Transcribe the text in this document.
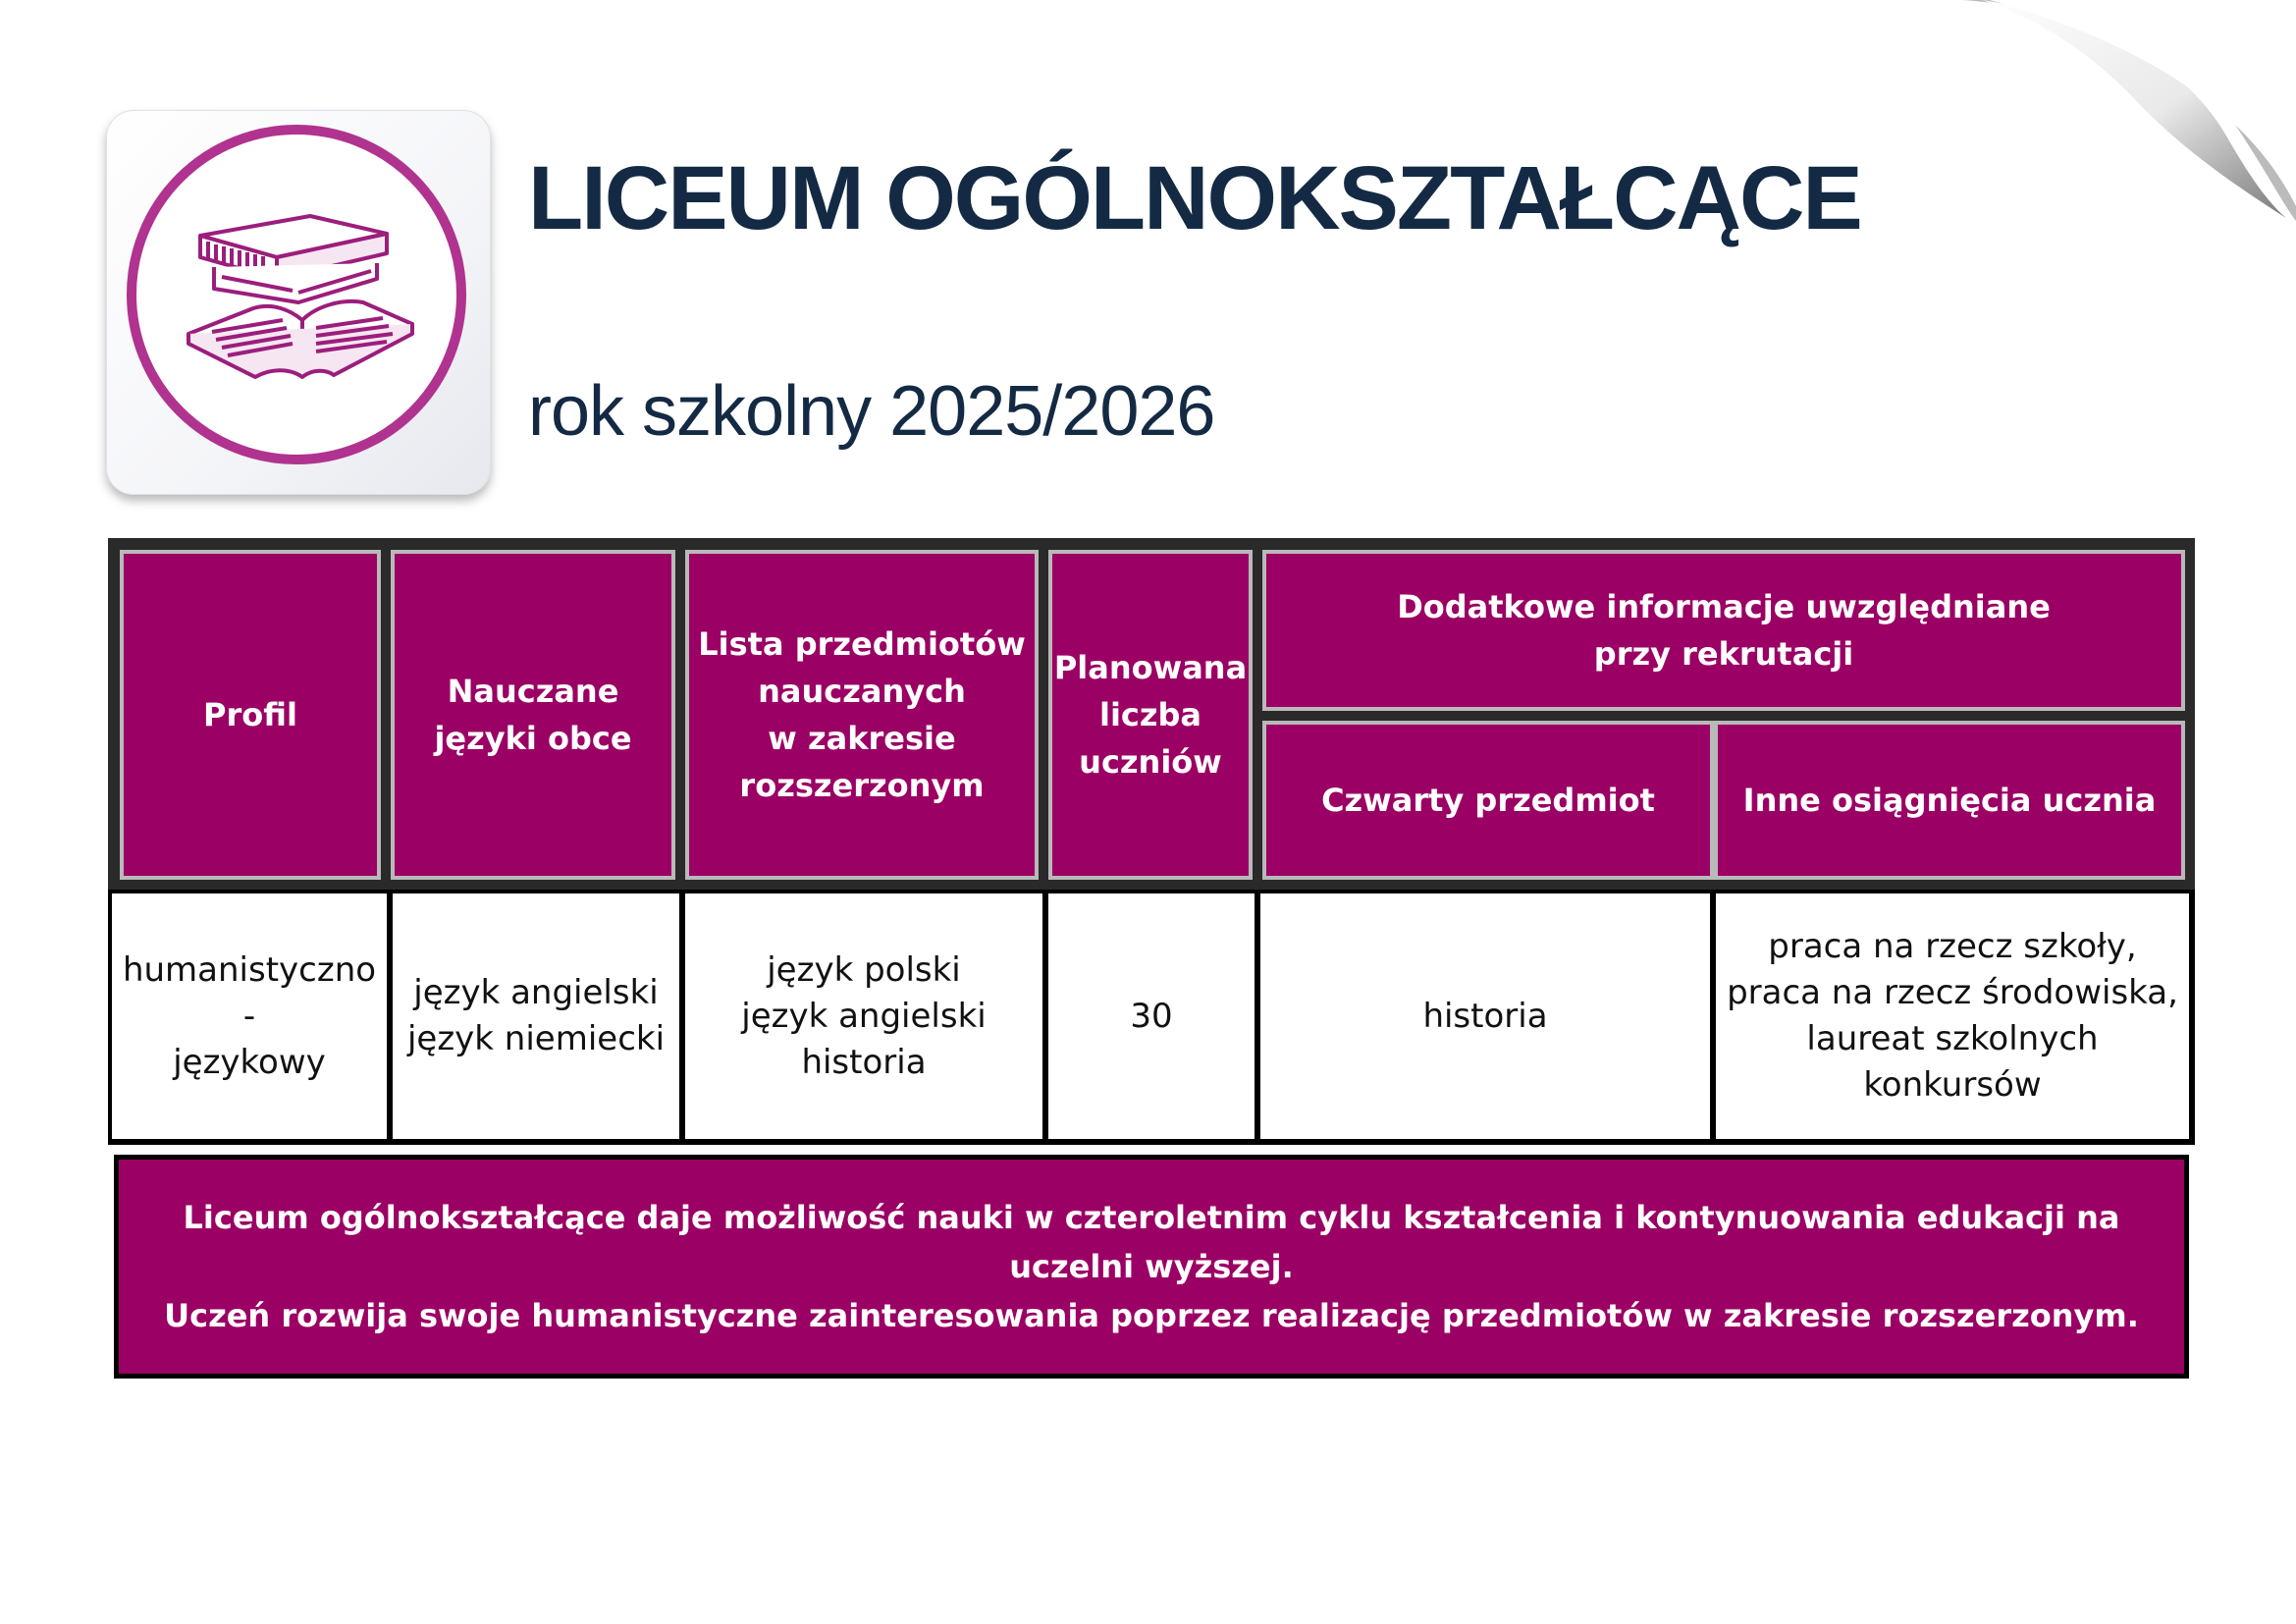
LICEUM OGÓLNOKSZTAŁCĄCE
rok szkolny 2025/2026
Profil
Nauczane
języki obce
Lista przedmiotów
nauczanych
w zakresie
rozszerzonym
Planowana
liczba
uczniów
Dodatkowe informacje uwzględniane
przy rekrutacji
Czwarty przedmiot	Inne osiągnięcia ucznia
humanistyczno -
językowy
język angielski
język niemiecki
język polski
język angielski
historia
30	historia
praca na rzecz szkoły,
praca na rzecz środowiska,
laureat szkolnych konkursów
Liceum ogólnokształcące daje możliwość nauki w czteroletnim cyklu kształcenia i kontynuowania edukacji na uczelni wyższej.
Uczeń rozwija swoje humanistyczne zainteresowania poprzez realizację przedmiotów w zakresie rozszerzonym.
